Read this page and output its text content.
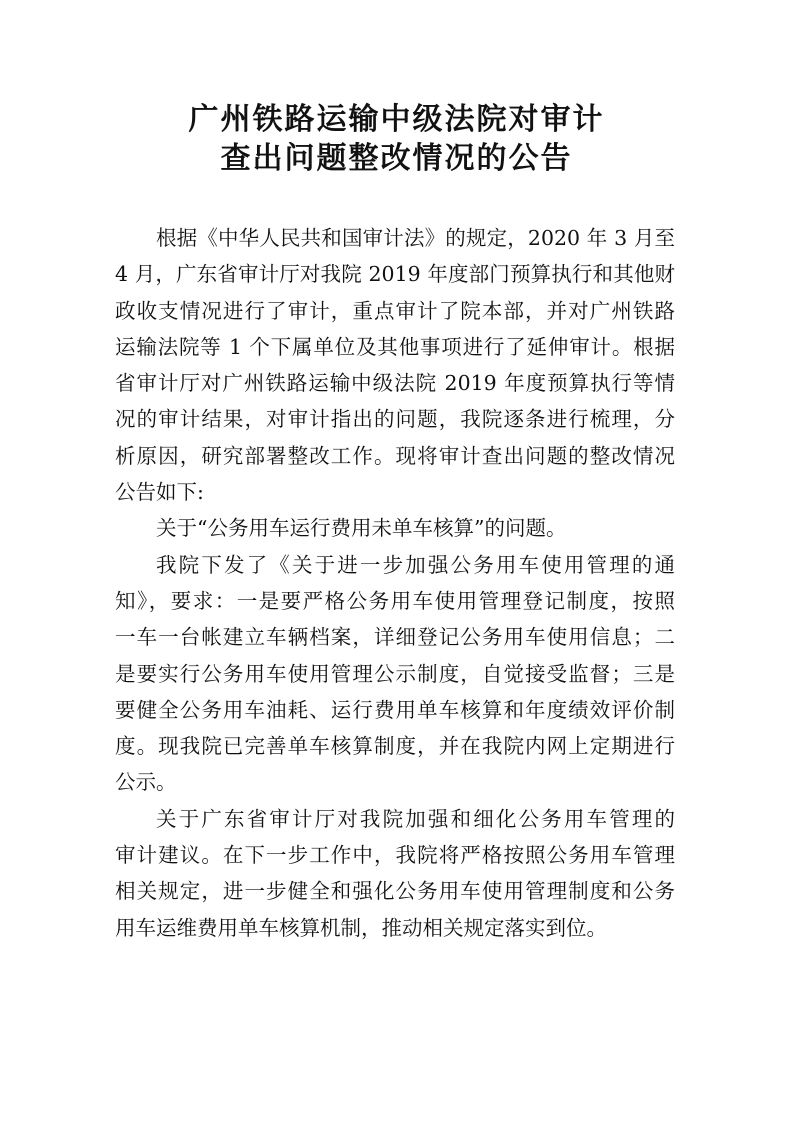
广州铁路运输中级法院对审计
查出问题整改情况的公告

根据《中华人民共和国审计法》的规定，2020 年 3 月至
4 月，广东省审计厅对我院 2019 年度部门预算执行和其他财
政收支情况进行了审计，重点审计了院本部，并对广州铁路
运输法院等 1 个下属单位及其他事项进行了延伸审计。根据
省审计厅对广州铁路运输中级法院 2019 年度预算执行等情
况的审计结果，对审计指出的问题，我院逐条进行梳理，分
析原因，研究部署整改工作。现将审计查出问题的整改情况
公告如下:

关于“公务用车运行费用未单车核算”的问题。

我院下发了《关于进一步加强公务用车使用管理的通
知》，要求：一是要严格公务用车使用管理登记制度，按照
一车一台帐建立车辆档案，详细登记公务用车使用信息；二
是要实行公务用车使用管理公示制度，自觉接受监督；三是
要健全公务用车油耗、运行费用单车核算和年度绩效评价制
度。现我院已完善单车核算制度，并在我院内网上定期进行
公示。

关于广东省审计厅对我院加强和细化公务用车管理的
审计建议。在下一步工作中，我院将严格按照公务用车管理
相关规定，进一步健全和强化公务用车使用管理制度和公务
用车运维费用单车核算机制，推动相关规定落实到位。
